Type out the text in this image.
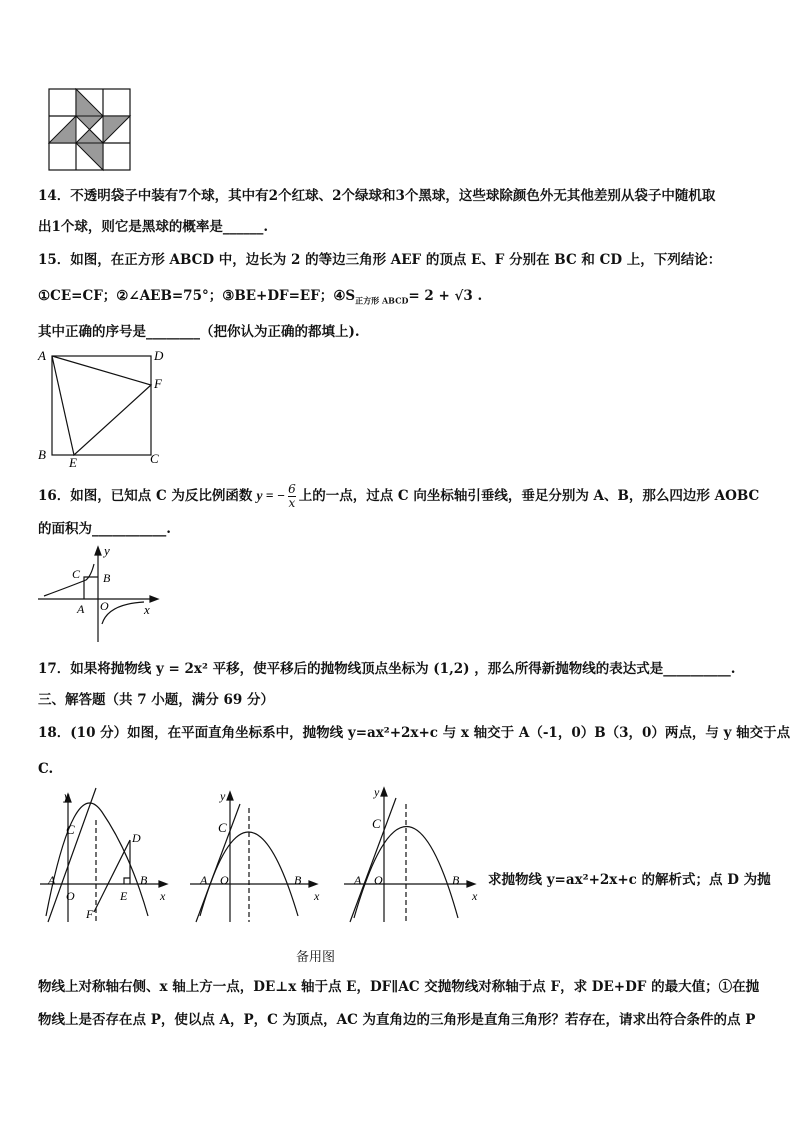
14．不透明袋子中装有7个球，其中有2个红球、2个绿球和3个黑球，这些球除颜色外无其他差别从袋子中随机取
出1个球，则它是黑球的概率是______.
15．如图，在正方形 ABCD 中，边长为 2 的等边三角形 AEF 的顶点 E、F 分别在 BC 和 CD 上，下列结论：
①CE=CF；②∠AEB=75°；③BE+DF=EF；$④S_{正方形 ABCD}= 2 + √3$ .
其中正确的序号是________（把你认为正确的都填上).
A	D
F
B
E	C
16．如图，已知点 C 为反比例函数 y = − $\frac{6}{x}$ 上的一点，过点 C 向坐标轴引垂线，垂足分别为 A、B，那么四边形 AOBC
的面积为___________.
y
x
C B
A O
17．如果将抛物线 y = 2x² 平移，使平移后的抛物线顶点坐标为 (1,2) ，那么所得新抛物线的表达式是__________.
三、解答题（共 7 小题，满分 69 分）
18．(10 分）如图，在平面直角坐标系中，抛物线 y=ax²+2x+c 与 x 轴交于 A（-1，0）B（3，0）两点，与 y 轴交于点
C.
y
x
C
A
O
D
E
B
F
y
x
C
A O	B
y
x
C
A O	B 求抛物线 y=ax²+2x+c 的解析式；点 D 为抛
备用图
物线上对称轴右侧、x 轴上方一点，DE⊥x 轴于点 E，DF∥AC 交抛物线对称轴于点 F，求 DE+DF 的最大值；①在抛
物线上是否存在点 P，使以点 A，P，C 为顶点，AC 为直角边的三角形是直角三角形？若存在，请求出符合条件的点 P
